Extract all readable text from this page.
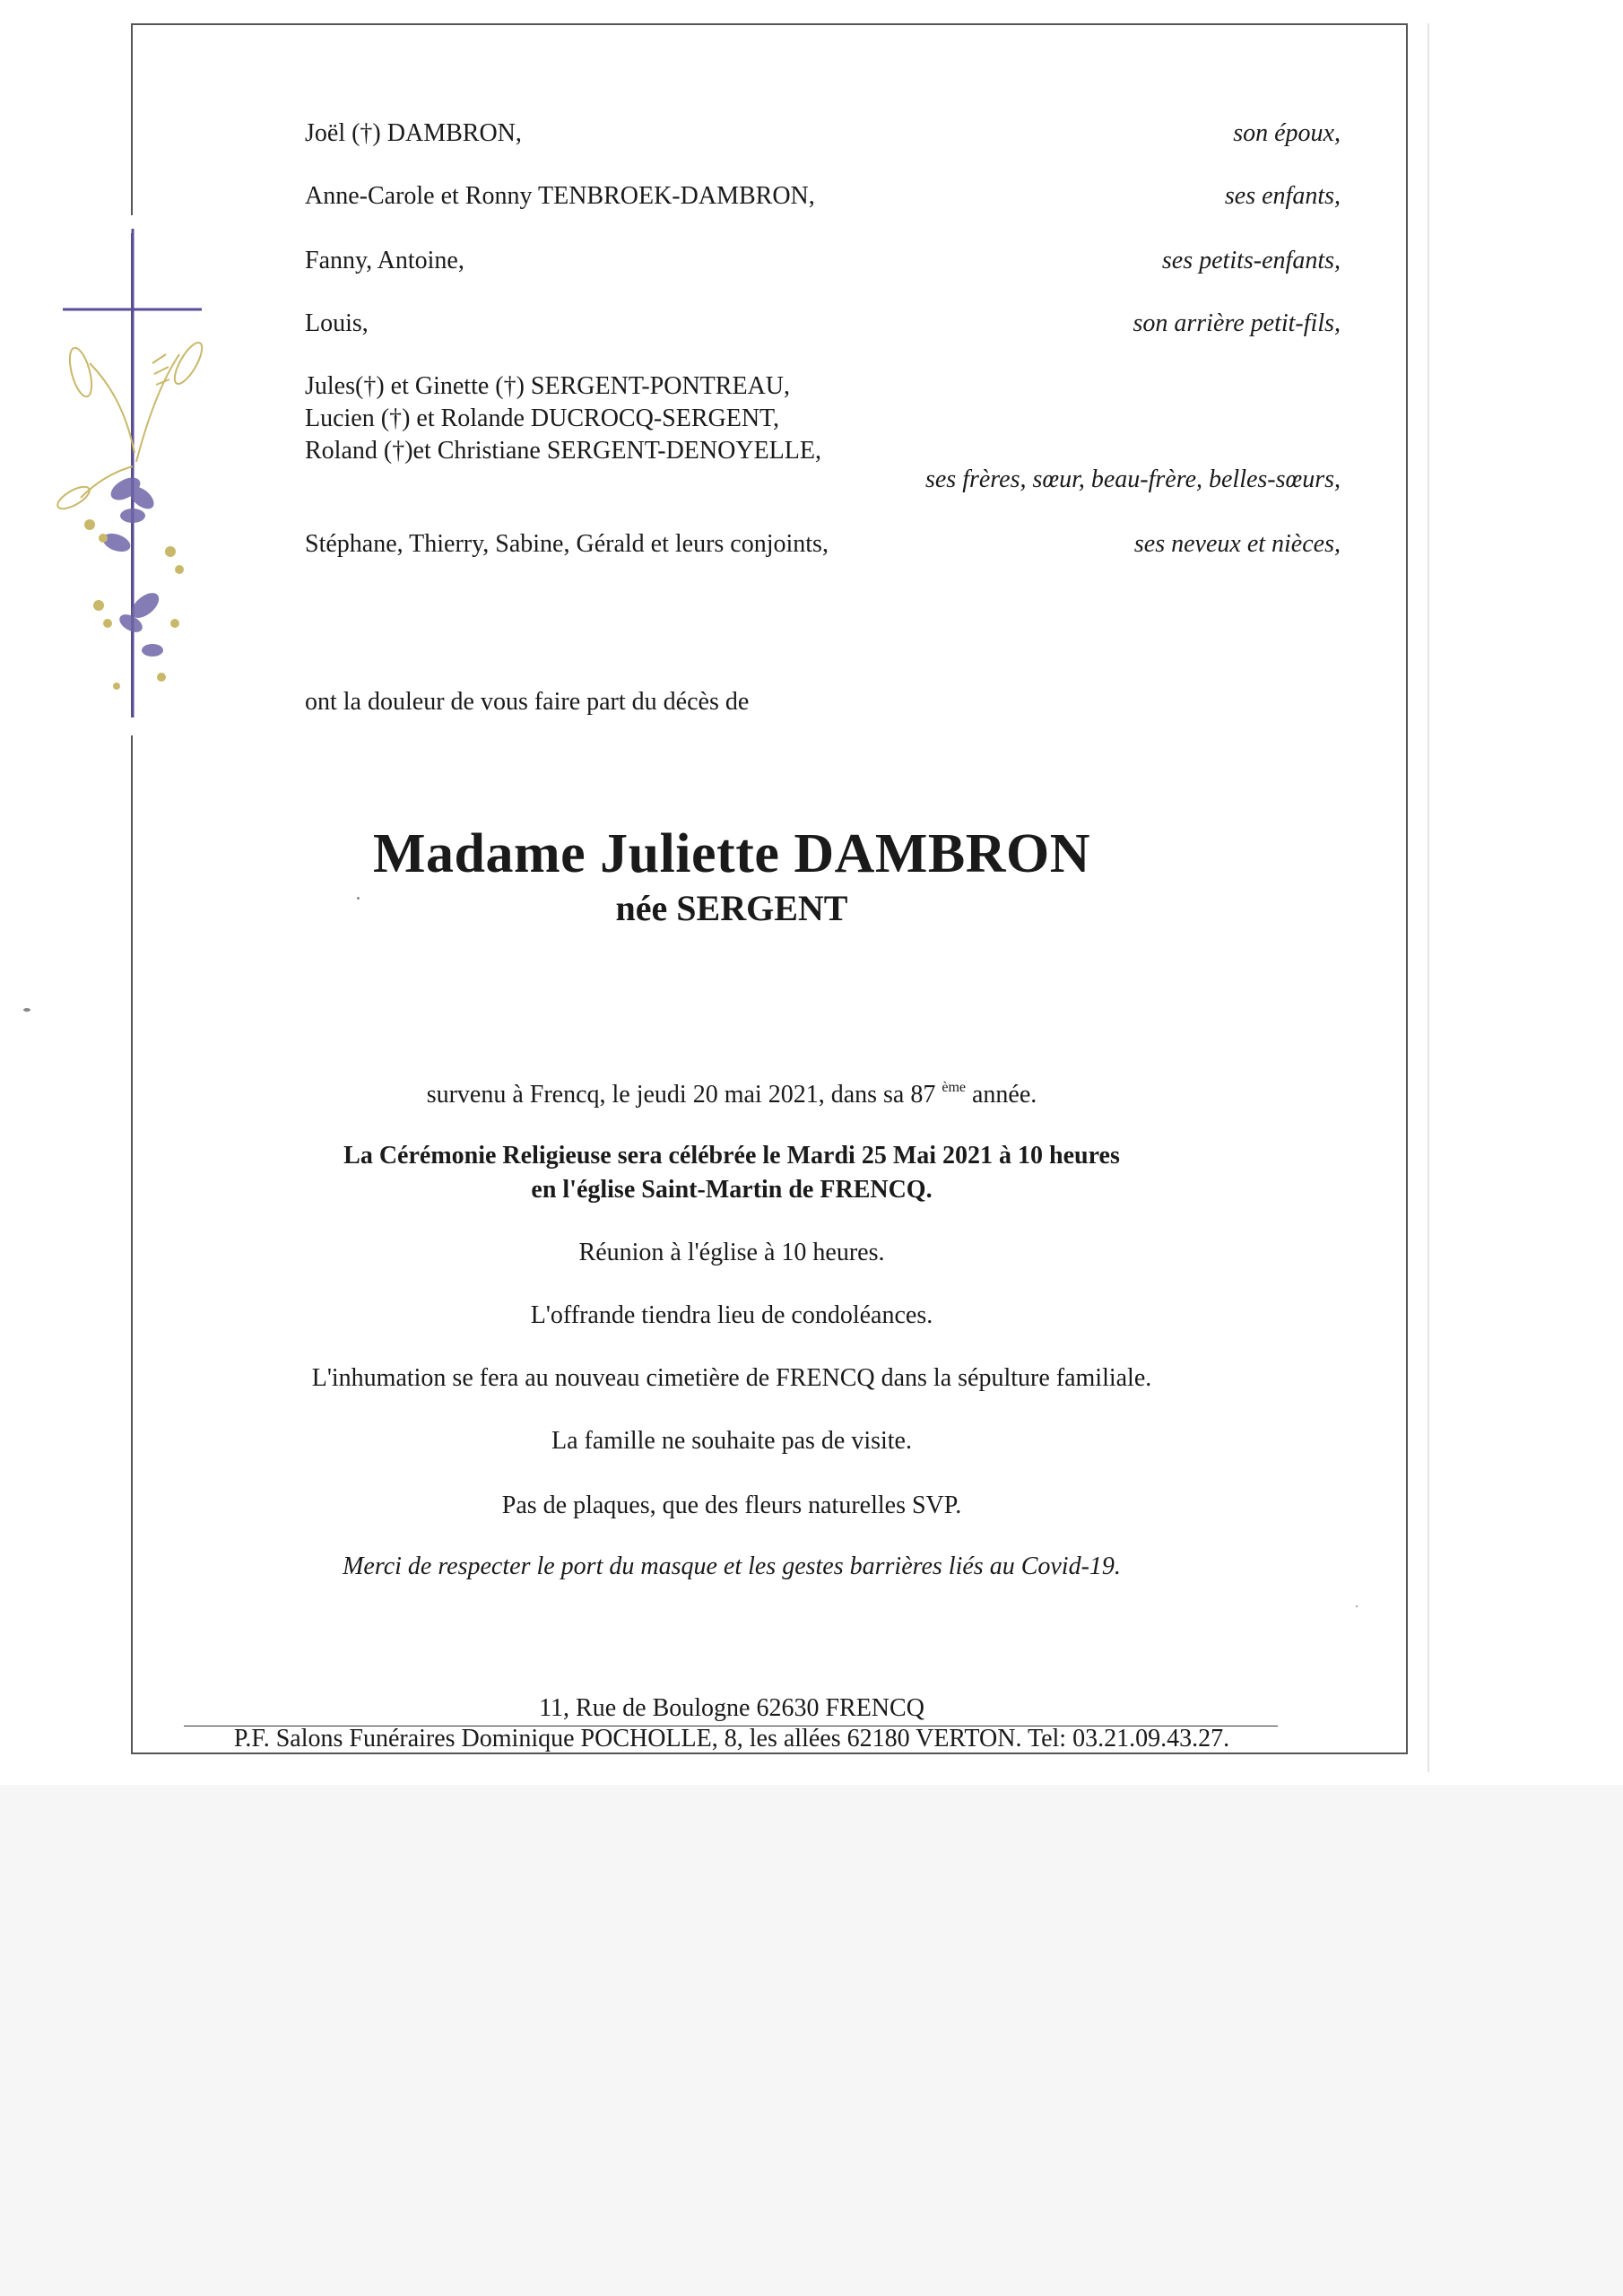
Joël (†) DAMBRON,	son époux,
Anne-Carole et Ronny TENBROEK-DAMBRON,	ses enfants,
Fanny, Antoine,	ses petits-enfants,
Louis,	son arrière petit-fils,
Jules(†) et Ginette (†) SERGENT-PONTREAU,
Lucien (†) et Rolande DUCROCQ-SERGENT,
Roland (†)et Christiane SERGENT-DENOYELLE,
ses frères, sœur, beau-frère, belles-sœurs,
Stéphane, Thierry, Sabine, Gérald et leurs conjoints,	ses neveux et nièces,
ont la douleur de vous faire part du décès de
Madame Juliette DAMBRON
née SERGENT
survenu à Frencq, le jeudi 20 mai 2021, dans sa 87 $^{ème}$ année.
La Cérémonie Religieuse sera célébrée le Mardi 25 Mai 2021 à 10 heures
en l'église Saint-Martin de FRENCQ.
Réunion à l'église à 10 heures.
L'offrande tiendra lieu de condoléances.
L'inhumation se fera au nouveau cimetière de FRENCQ dans la sépulture familiale.
La famille ne souhaite pas de visite.
Pas de plaques, que des fleurs naturelles SVP.
Merci de respecter le port du masque et les gestes barrières liés au Covid-19.
11, Rue de Boulogne 62630 FRENCQ
P.F. Salons Funéraires Dominique POCHOLLE, 8, les allées 62180 VERTON. Tel: 03.21.09.43.27.
